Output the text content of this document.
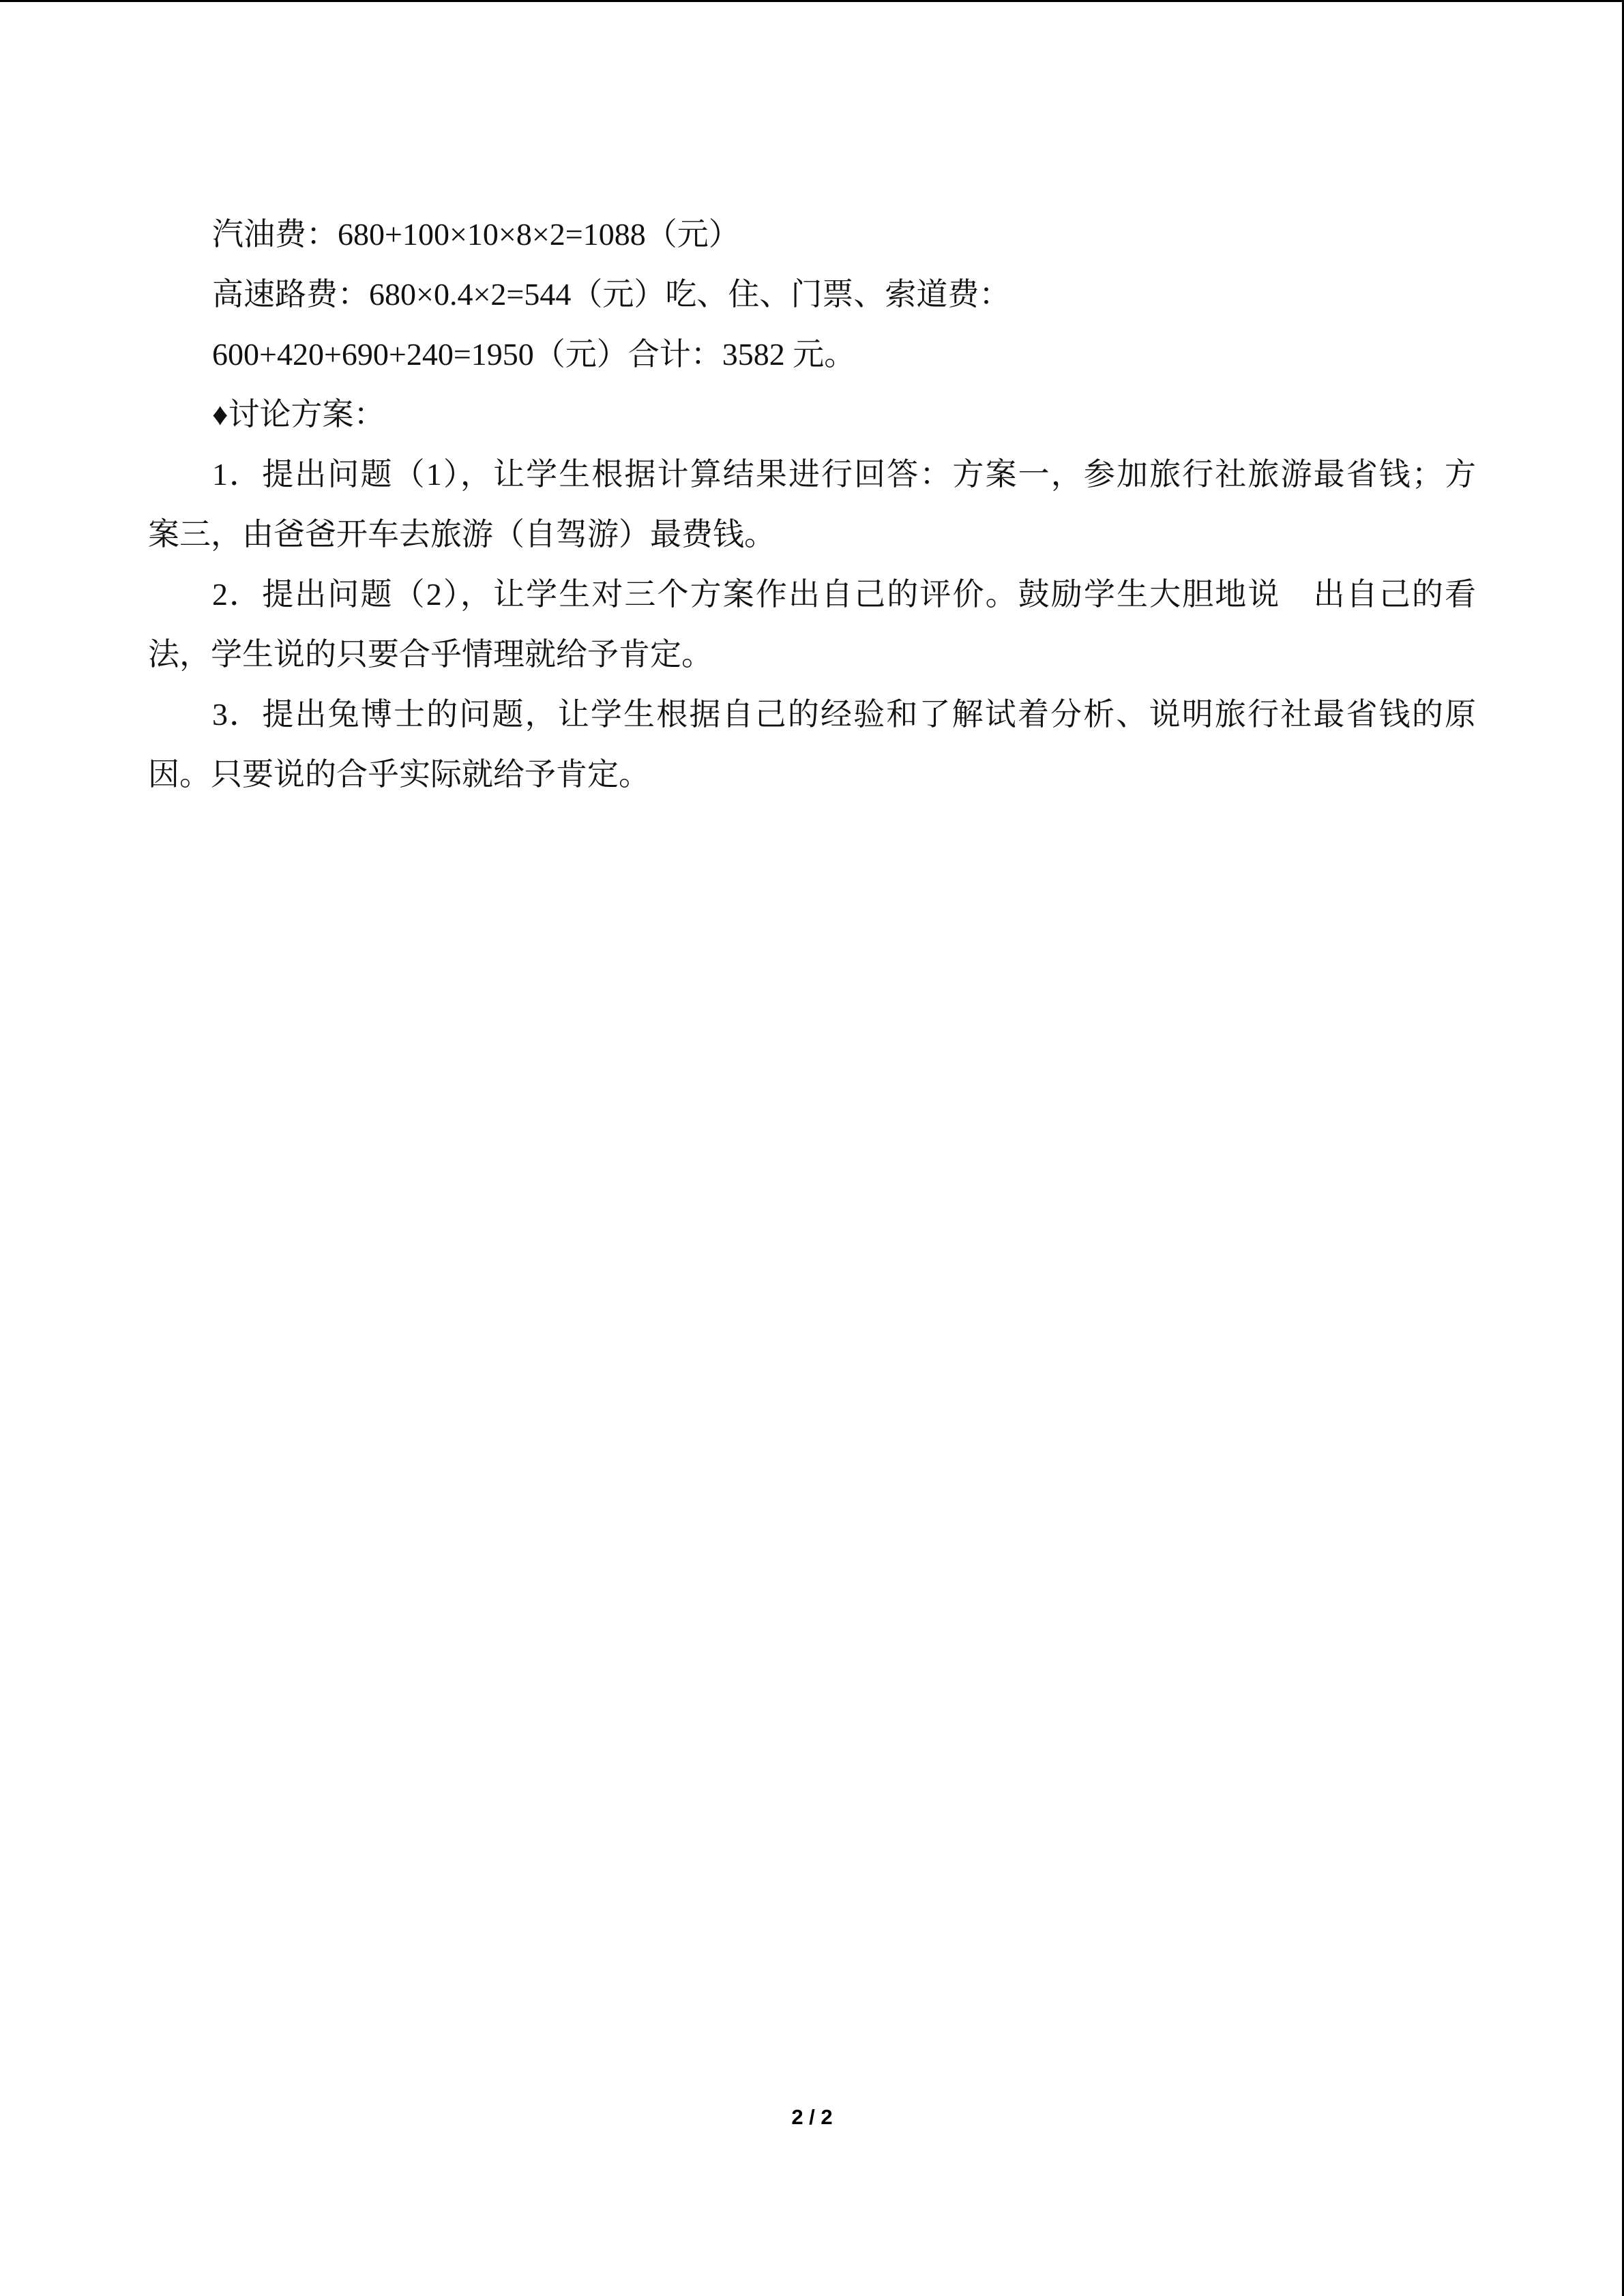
汽油费：680+100×10×8×2=1088（元）
高速路费：680×0.4×2=544（元）吃、住、门票、索道费：
600+420+690+240=1950（元）合计：3582 元。
♦讨论方案：
1．提出问题（1），让学生根据计算结果进行回答：方案一，参加旅行社旅游最省钱；方
案三，由爸爸开车去旅游（自驾游）最费钱。
2．提出问题（2），让学生对三个方案作出自己的评价。鼓励学生大胆地说　出自己的看
法，学生说的只要合乎情理就给予肯定。
3．提出兔博士的问题，让学生根据自己的经验和了解试着分析、说明旅行社最省钱的原
因。只要说的合乎实际就给予肯定。
2 / 2
